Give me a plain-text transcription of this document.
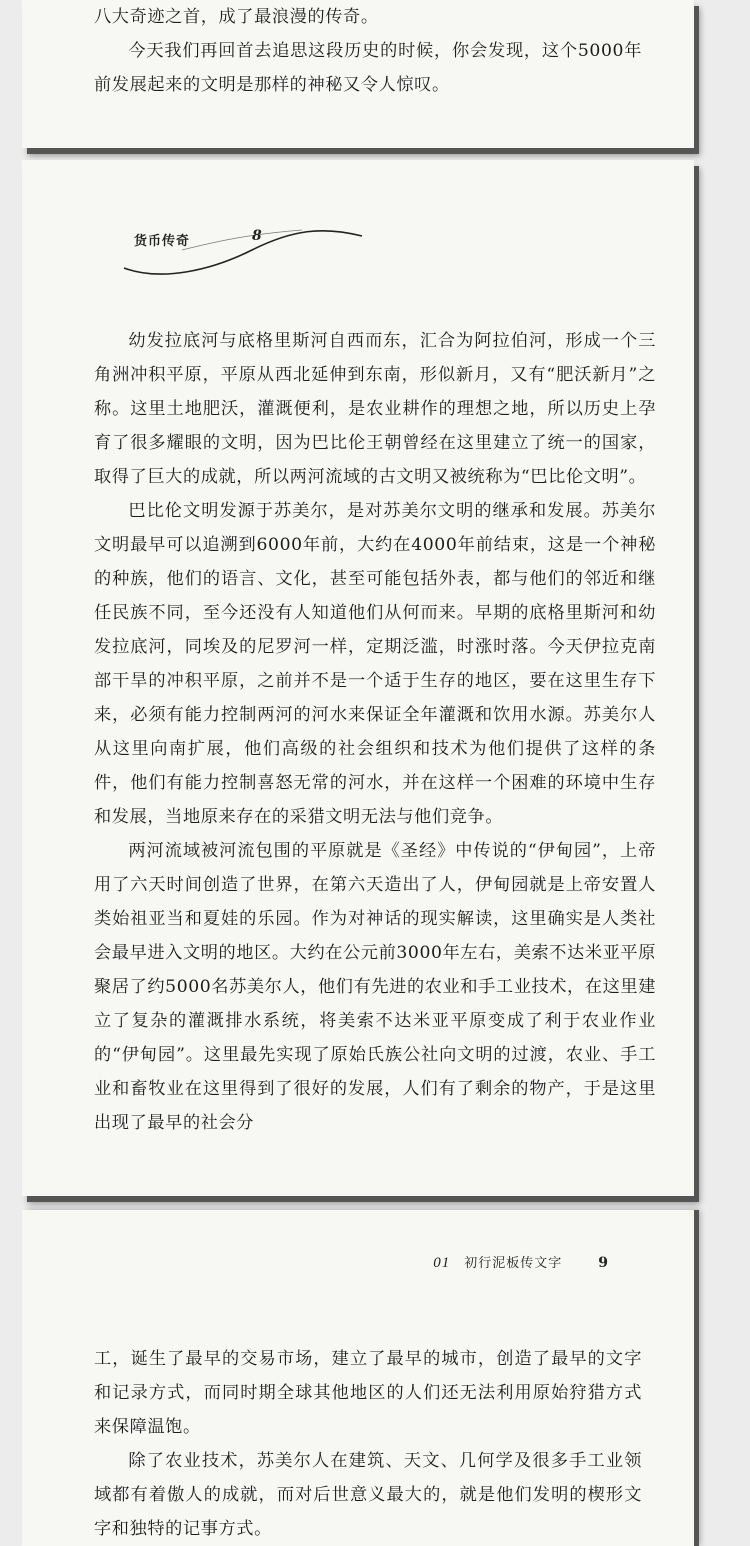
八大奇迹之首，成了最浪漫的传奇。

今天我们再回首去追思这段历史的时候，你会发现，这个5000年前发展起来的文明是那样的神秘又令人惊叹。

货币传奇	8

幼发拉底河与底格里斯河自西而东，汇合为阿拉伯河，形成一个三角洲冲积平原，平原从西北延伸到东南，形似新月，又有“肥沃新月”之称。这里土地肥沃，灌溉便利，是农业耕作的理想之地，所以历史上孕育了很多耀眼的文明，因为巴比伦王朝曾经在这里建立了统一的国家，取得了巨大的成就，所以两河流域的古文明又被统称为“巴比伦文明”。

巴比伦文明发源于苏美尔，是对苏美尔文明的继承和发展。苏美尔文明最早可以追溯到6000年前，大约在4000年前结束，这是一个神秘的种族，他们的语言、文化，甚至可能包括外表，都与他们的邻近和继任民族不同，至今还没有人知道他们从何而来。早期的底格里斯河和幼发拉底河，同埃及的尼罗河一样，定期泛滥，时涨时落。今天伊拉克南部干旱的冲积平原，之前并不是一个适于生存的地区，要在这里生存下来，必须有能力控制两河的河水来保证全年灌溉和饮用水源。苏美尔人从这里向南扩展，他们高级的社会组织和技术为他们提供了这样的条件，他们有能力控制喜怒无常的河水，并在这样一个困难的环境中生存和发展，当地原来存在的采猎文明无法与他们竞争。

两河流域被河流包围的平原就是《圣经》中传说的“伊甸园”，上帝用了六天时间创造了世界，在第六天造出了人，伊甸园就是上帝安置人类始祖亚当和夏娃的乐园。作为对神话的现实解读，这里确实是人类社会最早进入文明的地区。大约在公元前3000年左右，美索不达米亚平原聚居了约5000名苏美尔人，他们有先进的农业和手工业技术，在这里建立了复杂的灌溉排水系统，将美索不达米亚平原变成了利于农业作业的“伊甸园”。这里最先实现了原始氏族公社向文明的过渡，农业、手工业和畜牧业在这里得到了很好的发展，人们有了剩余的物产，于是这里出现了最早的社会分

01 初行泥板传文字	9

工，诞生了最早的交易市场，建立了最早的城市，创造了最早的文字和记录方式，而同时期全球其他地区的人们还无法利用原始狩猎方式来保障温饱。

除了农业技术，苏美尔人在建筑、天文、几何学及很多手工业领域都有着傲人的成就，而对后世意义最大的，就是他们发明的楔形文字和独特的记事方式。
